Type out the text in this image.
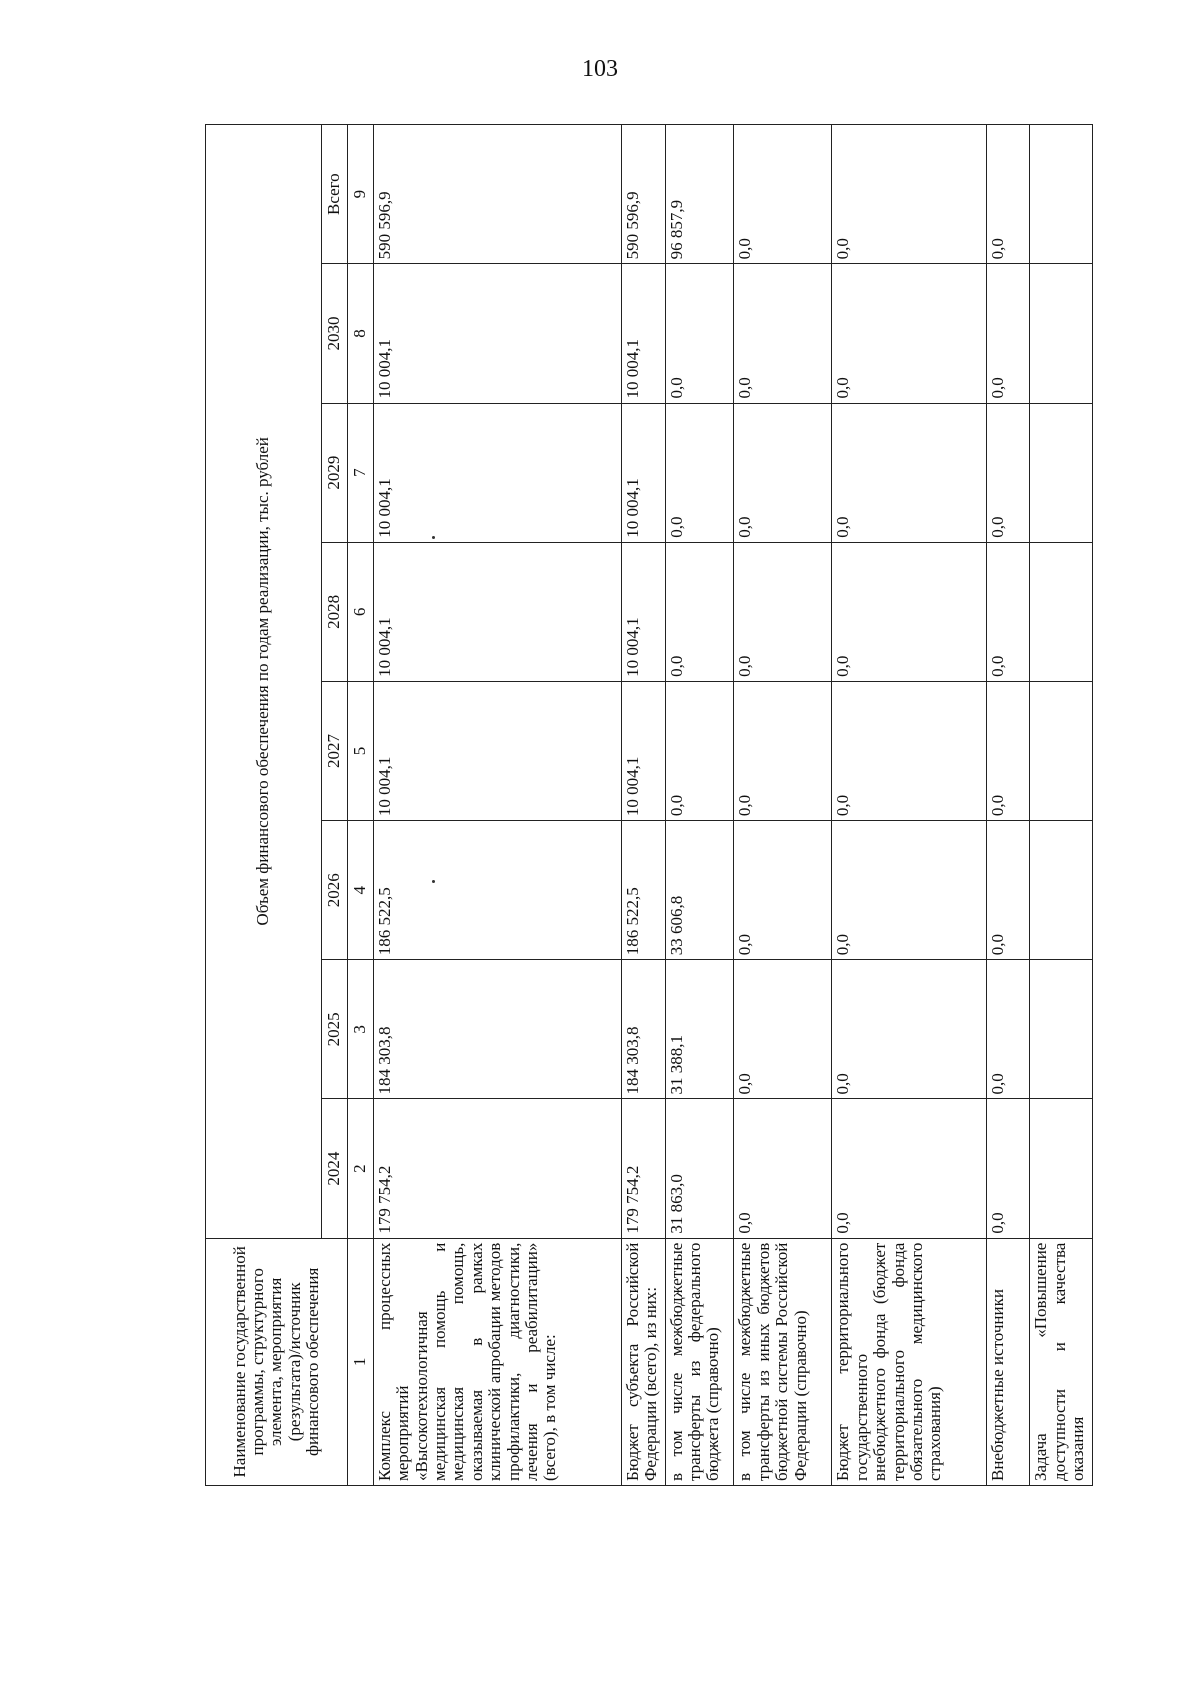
103
Наименование государственной программы, структурного элемента, мероприятия (результата)/источник финансового обеспечения	Объем финансового обеспечения по годам реализации, тыс. рублей							
	2024	2025	2026	2027	2028	2029	2030	Всего
1	2	3	4	5	6	7	8	9
Комплекс процессных мероприятий «Высокотехнологичная медицинская помощь и медицинская помощь, оказываемая в рамках клинической апробации методов профилактики, диагностики, лечения и реабилитации» (всего), в том числе:	179 754,2	184 303,8	186 522,5	10 004,1	10 004,1	10 004,1	10 004,1	590 596,9
Бюджет субъекта Российской Федерации (всего), из них:	179 754,2	184 303,8	186 522,5	10 004,1	10 004,1	10 004,1	10 004,1	590 596,9
в том числе межбюджетные трансферты из федерального бюджета (справочно)	31 863,0	31 388,1	33 606,8	0,0	0,0	0,0	0,0	96 857,9
в том числе межбюджетные трансферты из иных бюджетов бюджетной системы Российской Федерации (справочно)	0,0	0,0	0,0	0,0	0,0	0,0	0,0	0,0
Бюджет территориального государственного внебюджетного фонда (бюджет территориального фонда обязательного медицинского страхования)	0,0	0,0	0,0	0,0	0,0	0,0	0,0	0,0
Внебюджетные источники	0,0	0,0	0,0	0,0	0,0	0,0	0,0	0,0
Задача «Повышение доступности и качества оказания								
